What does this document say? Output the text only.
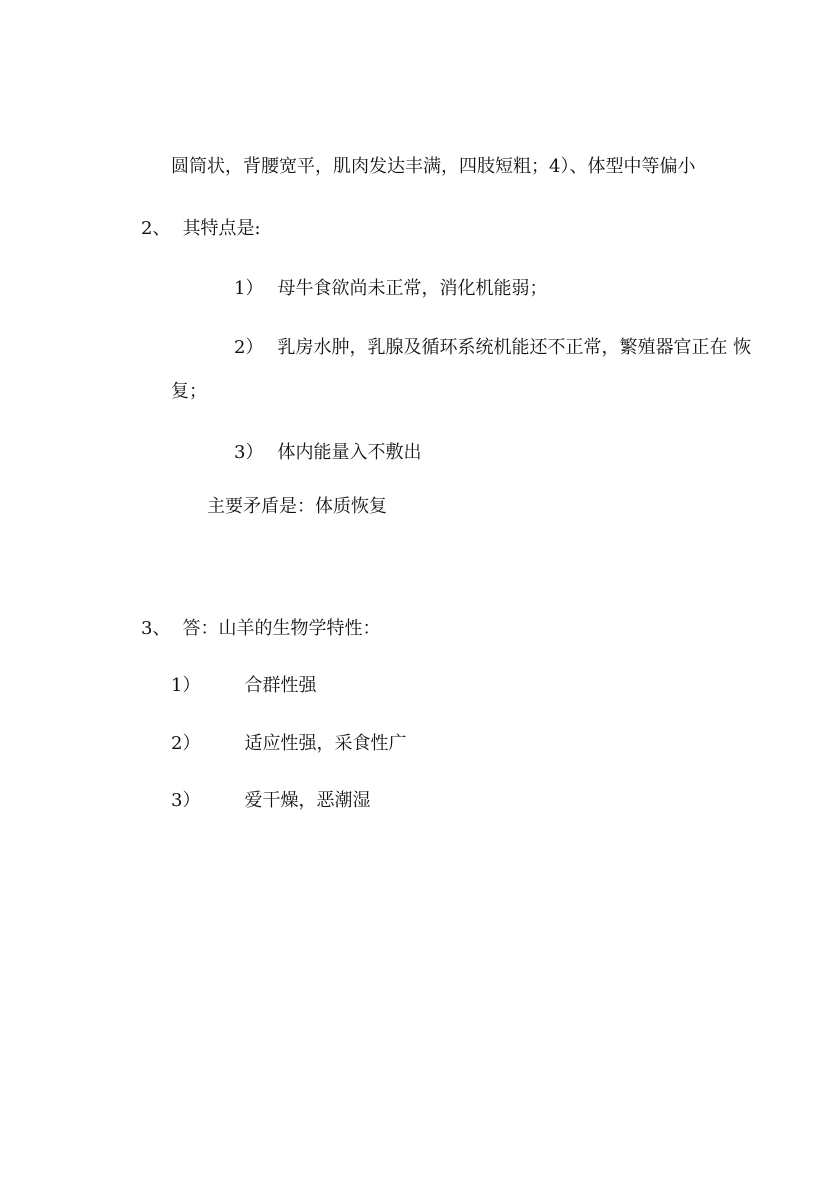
圆筒状，背腰宽平，肌肉发达丰满，四肢短粗；4）、体型中等偏小
2、 其特点是:
1） 母牛食欲尚未正常，消化机能弱；
2） 乳房水肿，乳腺及循环系统机能还不正常，繁殖器官正在 恢
复；
3） 体内能量入不敷出
主要矛盾是：体质恢复
3、 答：山羊的生物学特性：
1） 合群性强
2） 适应性强，采食性广
3） 爱干燥，恶潮湿
